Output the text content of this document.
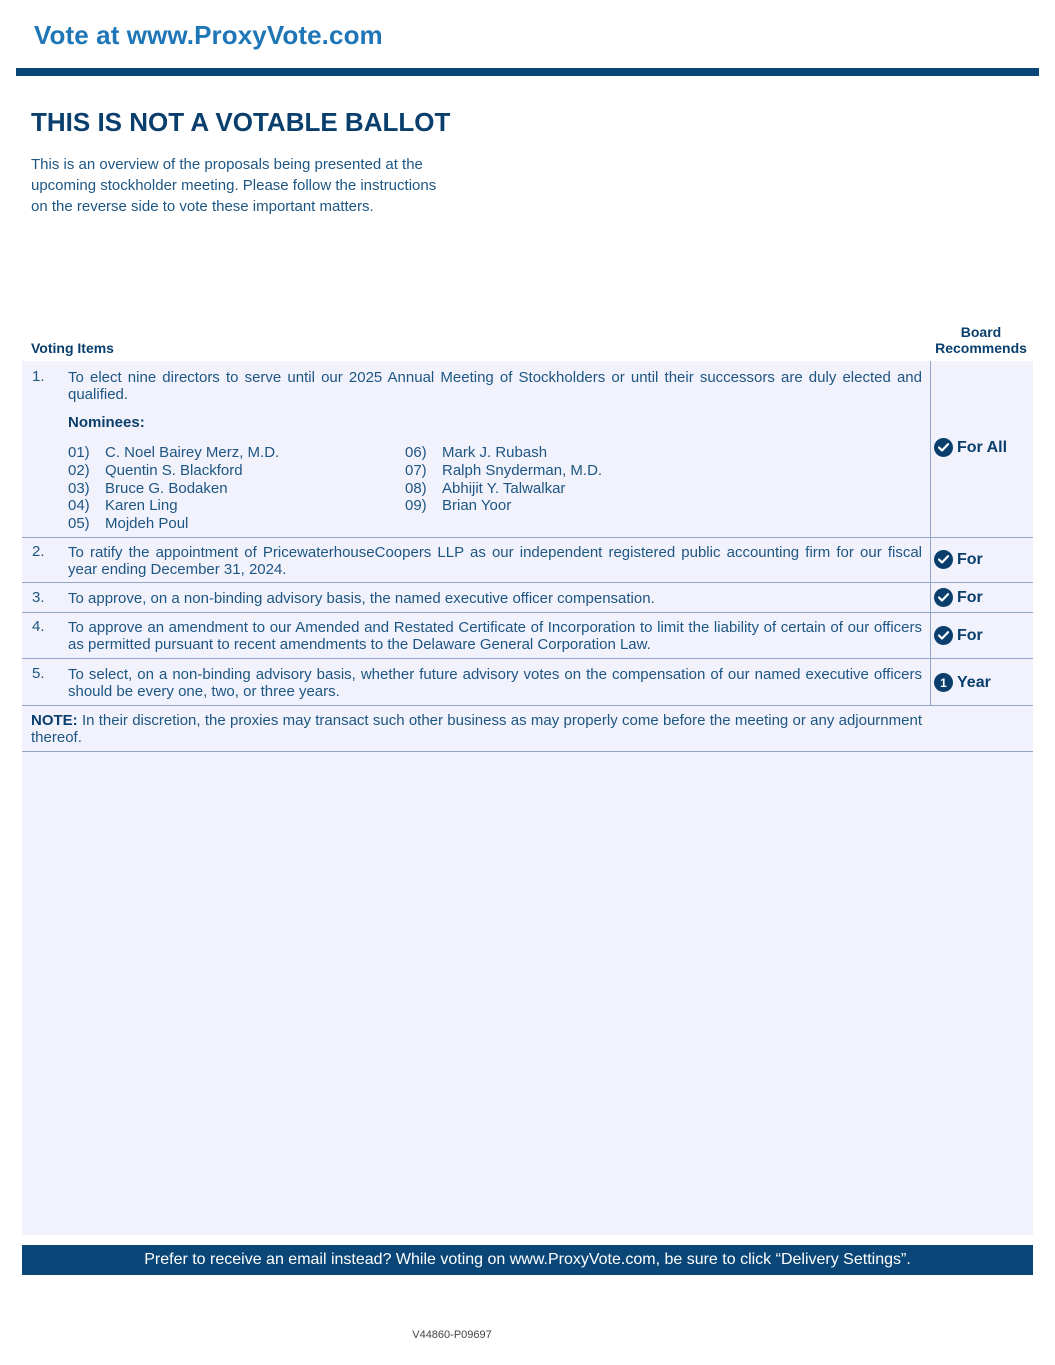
Vote at www.ProxyVote.com
THIS IS NOT A VOTABLE BALLOT
This is an overview of the proposals being presented at the
upcoming stockholder meeting. Please follow the instructions
on the reverse side to vote these important matters.
Voting Items
Board
Recommends
1. To elect nine directors to serve until our 2025 Annual Meeting of Stockholders or until their successors are duly elected and qualified.
Nominees:
01) C. Noel Bairey Merz, M.D.
02) Quentin S. Blackford
03) Bruce G. Bodaken
04) Karen Ling
05) Mojdeh Poul
06) Mark J. Rubash
07) Ralph Snyderman, M.D.
08) Abhijit Y. Talwalkar
09) Brian Yoor
For All
2. To ratify the appointment of PricewaterhouseCoopers LLP as our independent registered public accounting firm for our fiscal year ending December 31, 2024.
For
3. To approve, on a non-binding advisory basis, the named executive officer compensation.	For
4. To approve an amendment to our Amended and Restated Certificate of Incorporation to limit the liability of certain of our officers as permitted pursuant to recent amendments to the Delaware General Corporation Law.
For
5. To select, on a non-binding advisory basis, whether future advisory votes on the compensation of our named executive officers should be every one, two, or three years.
1 Year
NOTE: In their discretion, the proxies may transact such other business as may properly come before the meeting or any adjournment thereof.
Prefer to receive an email instead? While voting on www.ProxyVote.com, be sure to click “Delivery Settings”.
V44860-P09697
